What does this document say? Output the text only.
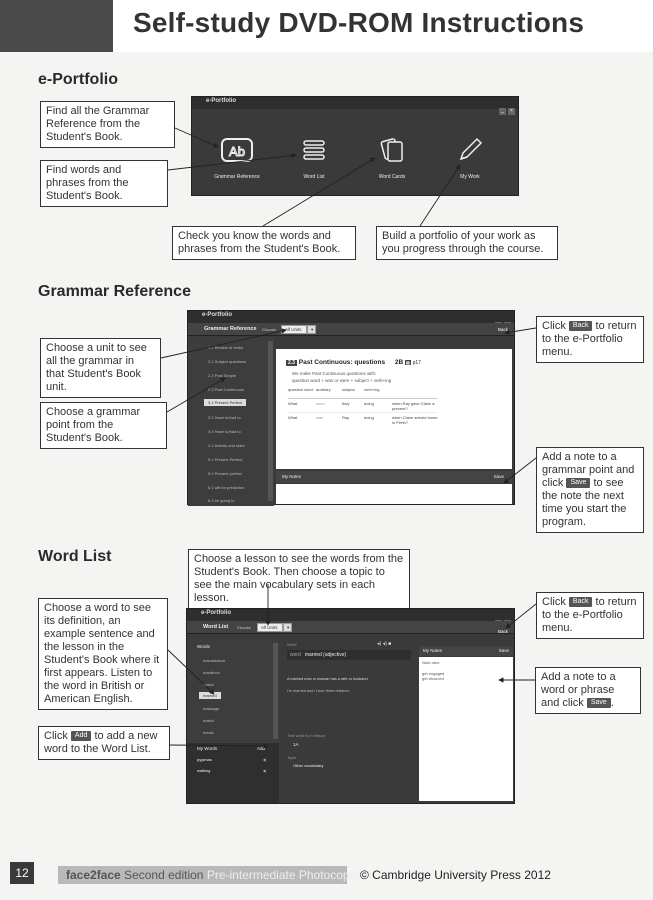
Self-study DVD-ROM Instructions
e-Portfolio
Find all the Grammar Reference from the Student's Book.
Find words and phrases from the Student's Book.
Check you know the words and phrases from the Student's Book.
Build a portfolio of your work as you progress through the course.
e-Portfolio
_ ×
Ab
Grammar Reference	Word List	Word Cards	My Work
Grammar Reference
Choose a unit to see all the grammar in that Student's Book unit.
Choose a grammar point from the Student's Book.
Click Back to return to the e-Portfolio menu.
Add a note to a grammar point and click Save to see the note the next time you start the program.
e-Portfolio
Grammar Reference Choose	All Units	▾	Back
1.1 Review of verbs
2.1 Subject questions
2.2 Past Simple
2.3 Past Continuous
3.1 Present Perfect
3.2 Have to/had to
3.3 Have to/had to
4.1 Activity and state
5.1 Present Perfect
5.2 Present perfect
6.1 will for prediction
6.2 be going to
2.3 Past Continuous: questions 2B ▤ p17
We make Past Continuous questions with:
question word + was or were + subject + verb+ing
question word auxiliary	subject	verb+ing
What	were	they	doing	when Ray gave Claire a present?
What	was	Ray	doing	when Claire arrived home in Perth?
My Notes	Save
Word List	Choose a lesson to see the words from the Student's Book. Then choose a topic to see the main vocabulary sets in each lesson.
Choose a word to see its definition, an example sentence and the lesson in the Student's Book where it first appears. Listen to the word in British or American English.
Click Add to add a new word to the Word List.
Click Back to return to the e-Portfolio menu.
Add a note to a word or phrase and click Save .
e-Portfolio
Word List Choose	All Units	▾
Back
Words
manufacture
marathon
match
married
massage
match
meals
My Words	Add
pyjamas	◂)
walking	◂)
Word	◂) ◂) ■
word married (adjective)
A married man or woman has a wife or husband.
I'm married and I have three children.
This word is in lesson
1A
Topic
Other vocabulary
My Notes	Save
Note also:
get engaged
get divorced
12	face2face Second edition Pre-intermediate Photocopiable
© Cambridge University Press 2012
